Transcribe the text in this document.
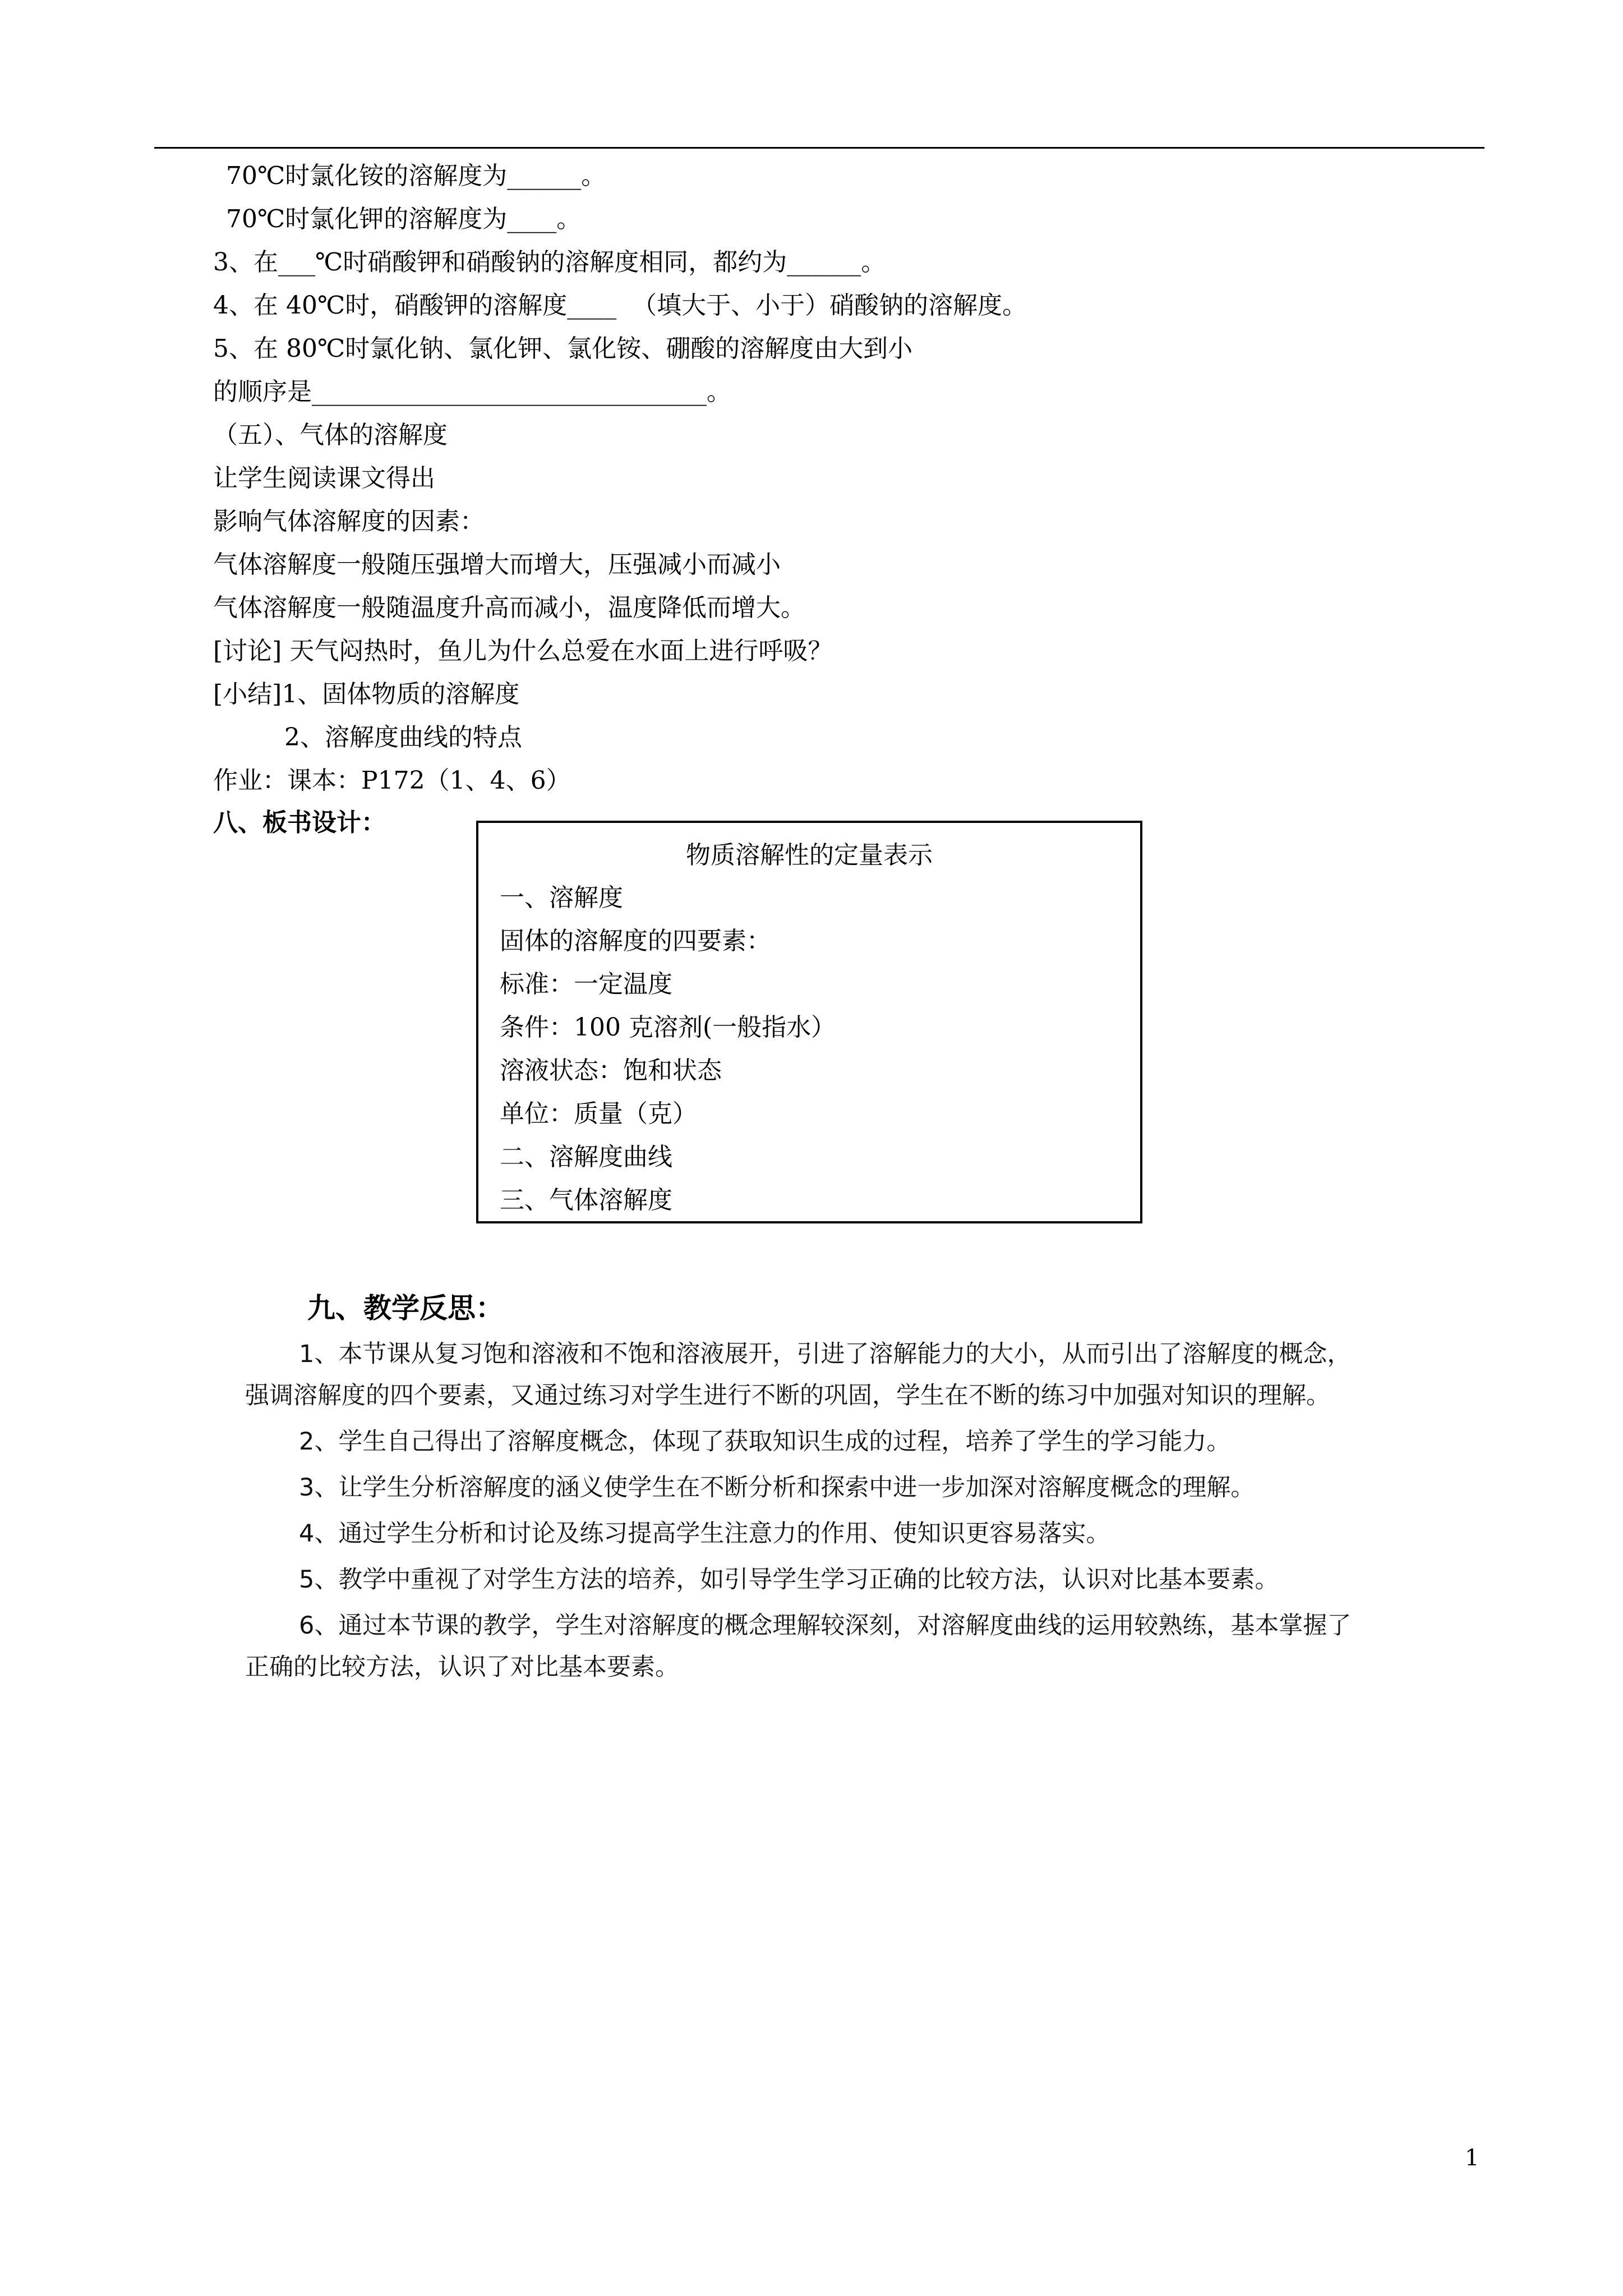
70℃时氯化铵的溶解度为______。
70℃时氯化钾的溶解度为____。
3、在___℃时硝酸钾和硝酸钠的溶解度相同，都约为______。
4、在 40℃时，硝酸钾的溶解度____  （填大于、小于）硝酸钠的溶解度。
5、在 80℃时氯化钠、氯化钾、氯化铵、硼酸的溶解度由大到小
的顺序是________________________________。
（五）、气体的溶解度
让学生阅读课文得出
影响气体溶解度的因素：
气体溶解度一般随压强增大而增大，压强减小而减小
气体溶解度一般随温度升高而减小，温度降低而增大。
[讨论] 天气闷热时，鱼儿为什么总爱在水面上进行呼吸？
[小结]1、固体物质的溶解度
2、溶解度曲线的特点
作业：课本：P172（1、4、6）
八、板书设计：
物质溶解性的定量表示
一、溶解度
固体的溶解度的四要素：
标准：一定温度
条件：100 克溶剂(一般指水）
溶液状态：饱和状态
单位：质量（克）
二、溶解度曲线
三、气体溶解度
九、教学反思：
1、本节课从复习饱和溶液和不饱和溶液展开，引进了溶解能力的大小，从而引出了溶解度的概念，
强调溶解度的四个要素，又通过练习对学生进行不断的巩固，学生在不断的练习中加强对知识的理解。
2、学生自己得出了溶解度概念，体现了获取知识生成的过程，培养了学生的学习能力。
3、让学生分析溶解度的涵义使学生在不断分析和探索中进一步加深对溶解度概念的理解。
4、通过学生分析和讨论及练习提高学生注意力的作用、使知识更容易落实。
5、教学中重视了对学生方法的培养，如引导学生学习正确的比较方法，认识对比基本要素。
6、通过本节课的教学，学生对溶解度的概念理解较深刻，对溶解度曲线的运用较熟练，基本掌握了
正确的比较方法，认识了对比基本要素。
1
